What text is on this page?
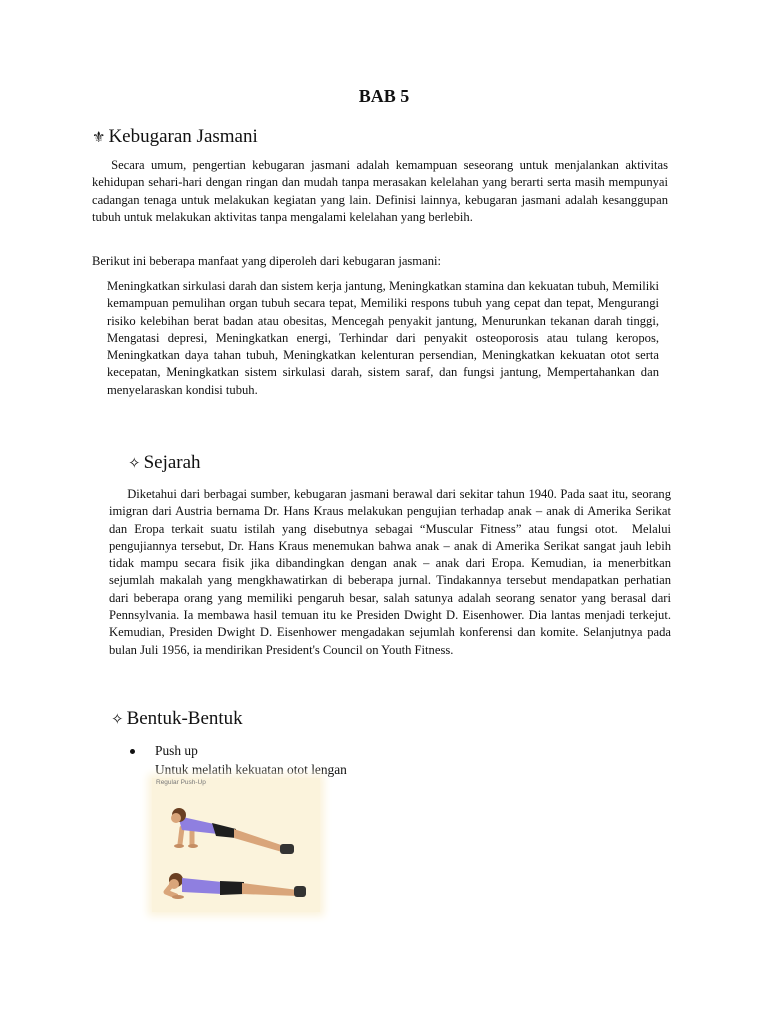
BAB 5
⚜ Kebugaran Jasmani
Secara umum, pengertian kebugaran jasmani adalah kemampuan seseorang untuk menjalankan aktivitas kehidupan sehari-hari dengan ringan dan mudah tanpa merasakan kelelahan yang berarti serta masih mempunyai cadangan tenaga untuk melakukan kegiatan yang lain. Definisi lainnya, kebugaran jasmani adalah kesanggupan tubuh untuk melakukan aktivitas tanpa mengalami kelelahan yang berlebih.
Berikut ini beberapa manfaat yang diperoleh dari kebugaran jasmani:
Meningkatkan sirkulasi darah dan sistem kerja jantung, Meningkatkan stamina dan kekuatan tubuh, Memiliki kemampuan pemulihan organ tubuh secara tepat, Memiliki respons tubuh yang cepat dan tepat, Mengurangi risiko kelebihan berat badan atau obesitas, Mencegah penyakit jantung, Menurunkan tekanan darah tinggi, Mengatasi depresi, Meningkatkan energi, Terhindar dari penyakit osteoporosis atau tulang keropos, Meningkatkan daya tahan tubuh, Meningkatkan kelenturan persendian, Meningkatkan kekuatan otot serta kecepatan, Meningkatkan sistem sirkulasi darah, sistem saraf, dan fungsi jantung, Mempertahankan dan menyelaraskan kondisi tubuh.
✧ Sejarah
Diketahui dari berbagai sumber, kebugaran jasmani berawal dari sekitar tahun 1940. Pada saat itu, seorang imigran dari Austria bernama Dr. Hans Kraus melakukan pengujian terhadap anak – anak di Amerika Serikat dan Eropa terkait suatu istilah yang disebutnya sebagai “Muscular Fitness” atau fungsi otot.  Melalui pengujiannya tersebut, Dr. Hans Kraus menemukan bahwa anak – anak di Amerika Serikat sangat jauh lebih tidak mampu secara fisik jika dibandingkan dengan anak – anak dari Eropa. Kemudian, ia menerbitkan sejumlah makalah yang mengkhawatirkan di beberapa jurnal. Tindakannya tersebut mendapatkan perhatian dari beberapa orang yang memiliki pengaruh besar, salah satunya adalah seorang senator yang berasal dari Pennsylvania. Ia membawa hasil temuan itu ke Presiden Dwight D. Eisenhower. Dia lantas menjadi terkejut. Kemudian, Presiden Dwight D. Eisenhower mengadakan sejumlah konferensi dan komite. Selanjutnya pada bulan Juli 1956, ia mendirikan President's Council on Youth Fitness.
✧ Bentuk-Bentuk
Push up
Untuk melatih kekuatan otot lengan
Regular Push-Up
